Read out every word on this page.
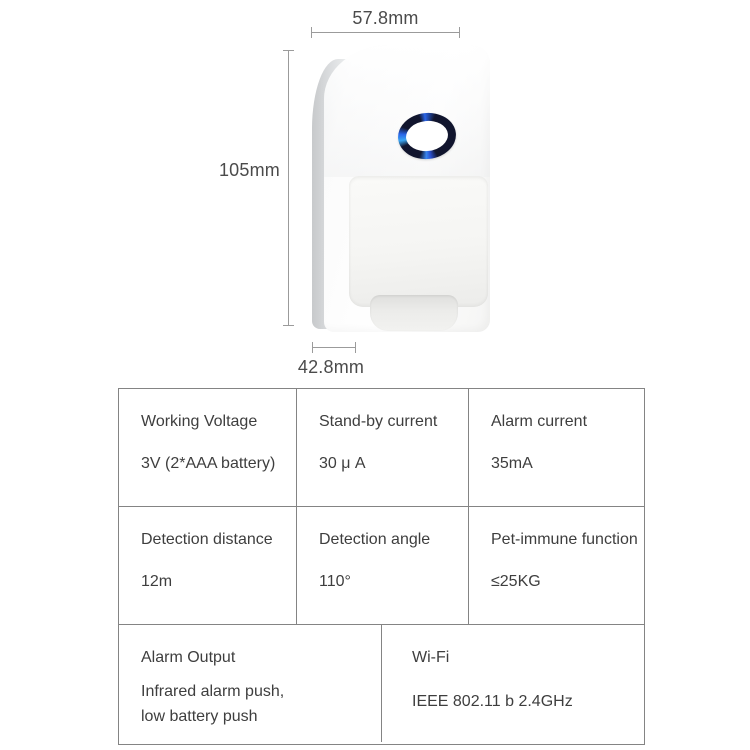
57.8mm
105mm
42.8mm
Working Voltage
3V (2*AAA battery)
Stand-by current
30 μ A
Alarm current
35mA
Detection distance
12m
Detection angle
110°
Pet-immune function
≤25KG
Alarm Output
Infrared alarm push,
low battery push
Wi-Fi
IEEE 802.11 b 2.4GHz
